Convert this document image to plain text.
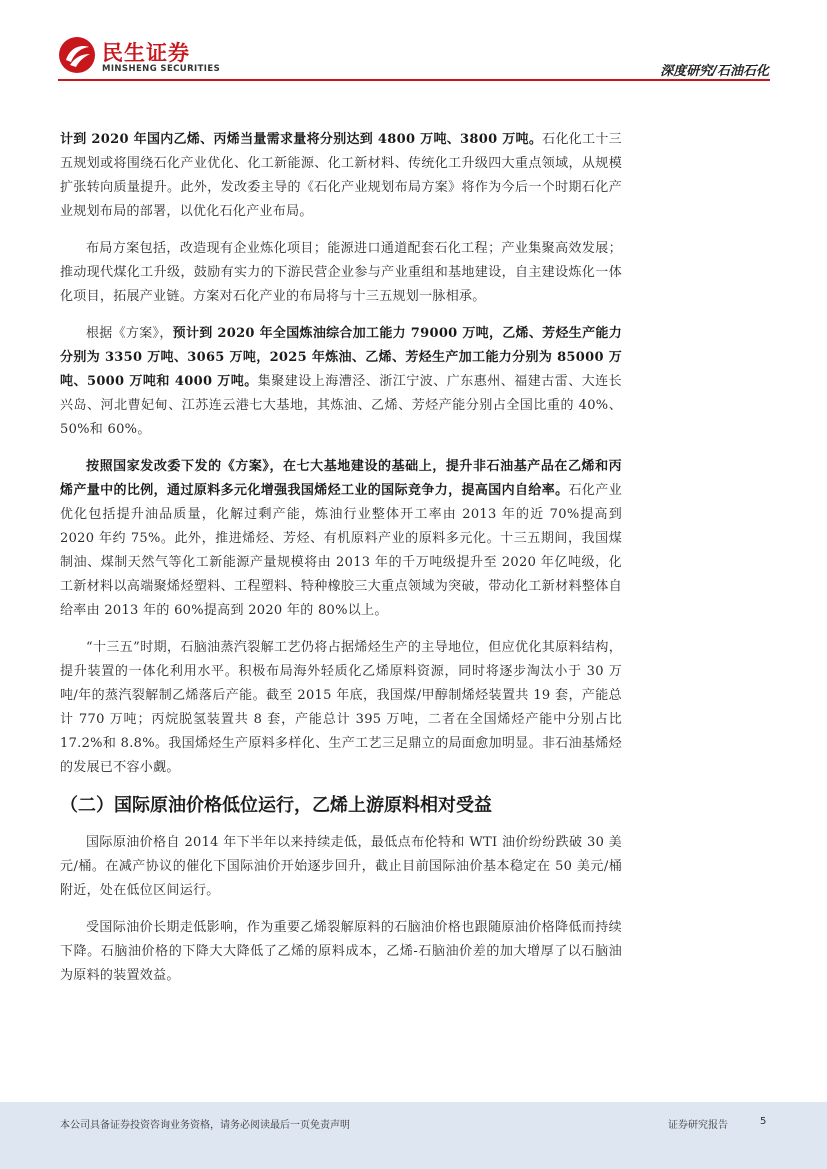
民生证券
MINSHENG SECURITIES	深度研究/石油石化

计到 2020 年国内乙烯、丙烯当量需求量将分别达到 4800 万吨、3800 万吨。石化化工十三五规划或将围绕石化产业优化、化工新能源、化工新材料、传统化工升级四大重点领域，从规模扩张转向质量提升。此外，发改委主导的《石化产业规划布局方案》将作为今后一个时期石化产业规划布局的部署，以优化石化产业布局。

布局方案包括，改造现有企业炼化项目；能源进口通道配套石化工程；产业集聚高效发展；推动现代煤化工升级，鼓励有实力的下游民营企业参与产业重组和基地建设，自主建设炼化一体化项目，拓展产业链。方案对石化产业的布局将与十三五规划一脉相承。

根据《方案》，预计到 2020 年全国炼油综合加工能力 79000 万吨，乙烯、芳烃生产能力分别为 3350 万吨、3065 万吨，2025 年炼油、乙烯、芳烃生产加工能力分别为 85000 万吨、5000 万吨和 4000 万吨。集聚建设上海漕泾、浙江宁波、广东惠州、福建古雷、大连长兴岛、河北曹妃甸、江苏连云港七大基地，其炼油、乙烯、芳烃产能分别占全国比重的 40%、50%和 60%。

按照国家发改委下发的《方案》，在七大基地建设的基础上，提升非石油基产品在乙烯和丙烯产量中的比例，通过原料多元化增强我国烯烃工业的国际竞争力，提高国内自给率。石化产业优化包括提升油品质量，化解过剩产能，炼油行业整体开工率由 2013 年的近 70%提高到 2020 年约 75%。此外，推进烯烃、芳烃、有机原料产业的原料多元化。十三五期间，我国煤制油、煤制天然气等化工新能源产量规模将由 2013 年的千万吨级提升至 2020 年亿吨级，化工新材料以高端聚烯烃塑料、工程塑料、特种橡胶三大重点领域为突破，带动化工新材料整体自给率由 2013 年的 60%提高到 2020 年的 80%以上。

“十三五”时期，石脑油蒸汽裂解工艺仍将占据烯烃生产的主导地位，但应优化其原料结构，提升装置的一体化利用水平。积极布局海外轻质化乙烯原料资源，同时将逐步淘汰小于 30 万吨/年的蒸汽裂解制乙烯落后产能。截至 2015 年底，我国煤/甲醇制烯烃装置共 19 套，产能总计 770 万吨；丙烷脱氢装置共 8 套，产能总计 395 万吨，二者在全国烯烃产能中分别占比 17.2%和 8.8%。我国烯烃生产原料多样化、生产工艺三足鼎立的局面愈加明显。非石油基烯烃的发展已不容小觑。

（二）国际原油价格低位运行，乙烯上游原料相对受益

国际原油价格自 2014 年下半年以来持续走低，最低点布伦特和 WTI 油价纷纷跌破 30 美元/桶。在减产协议的催化下国际油价开始逐步回升，截止目前国际油价基本稳定在 50 美元/桶附近，处在低位区间运行。

受国际油价长期走低影响，作为重要乙烯裂解原料的石脑油价格也跟随原油价格降低而持续下降。石脑油价格的下降大大降低了乙烯的原料成本，乙烯-石脑油价差的加大增厚了以石脑油为原料的装置效益。

本公司具备证券投资咨询业务资格，请务必阅读最后一页免责声明	证券研究报告	5
